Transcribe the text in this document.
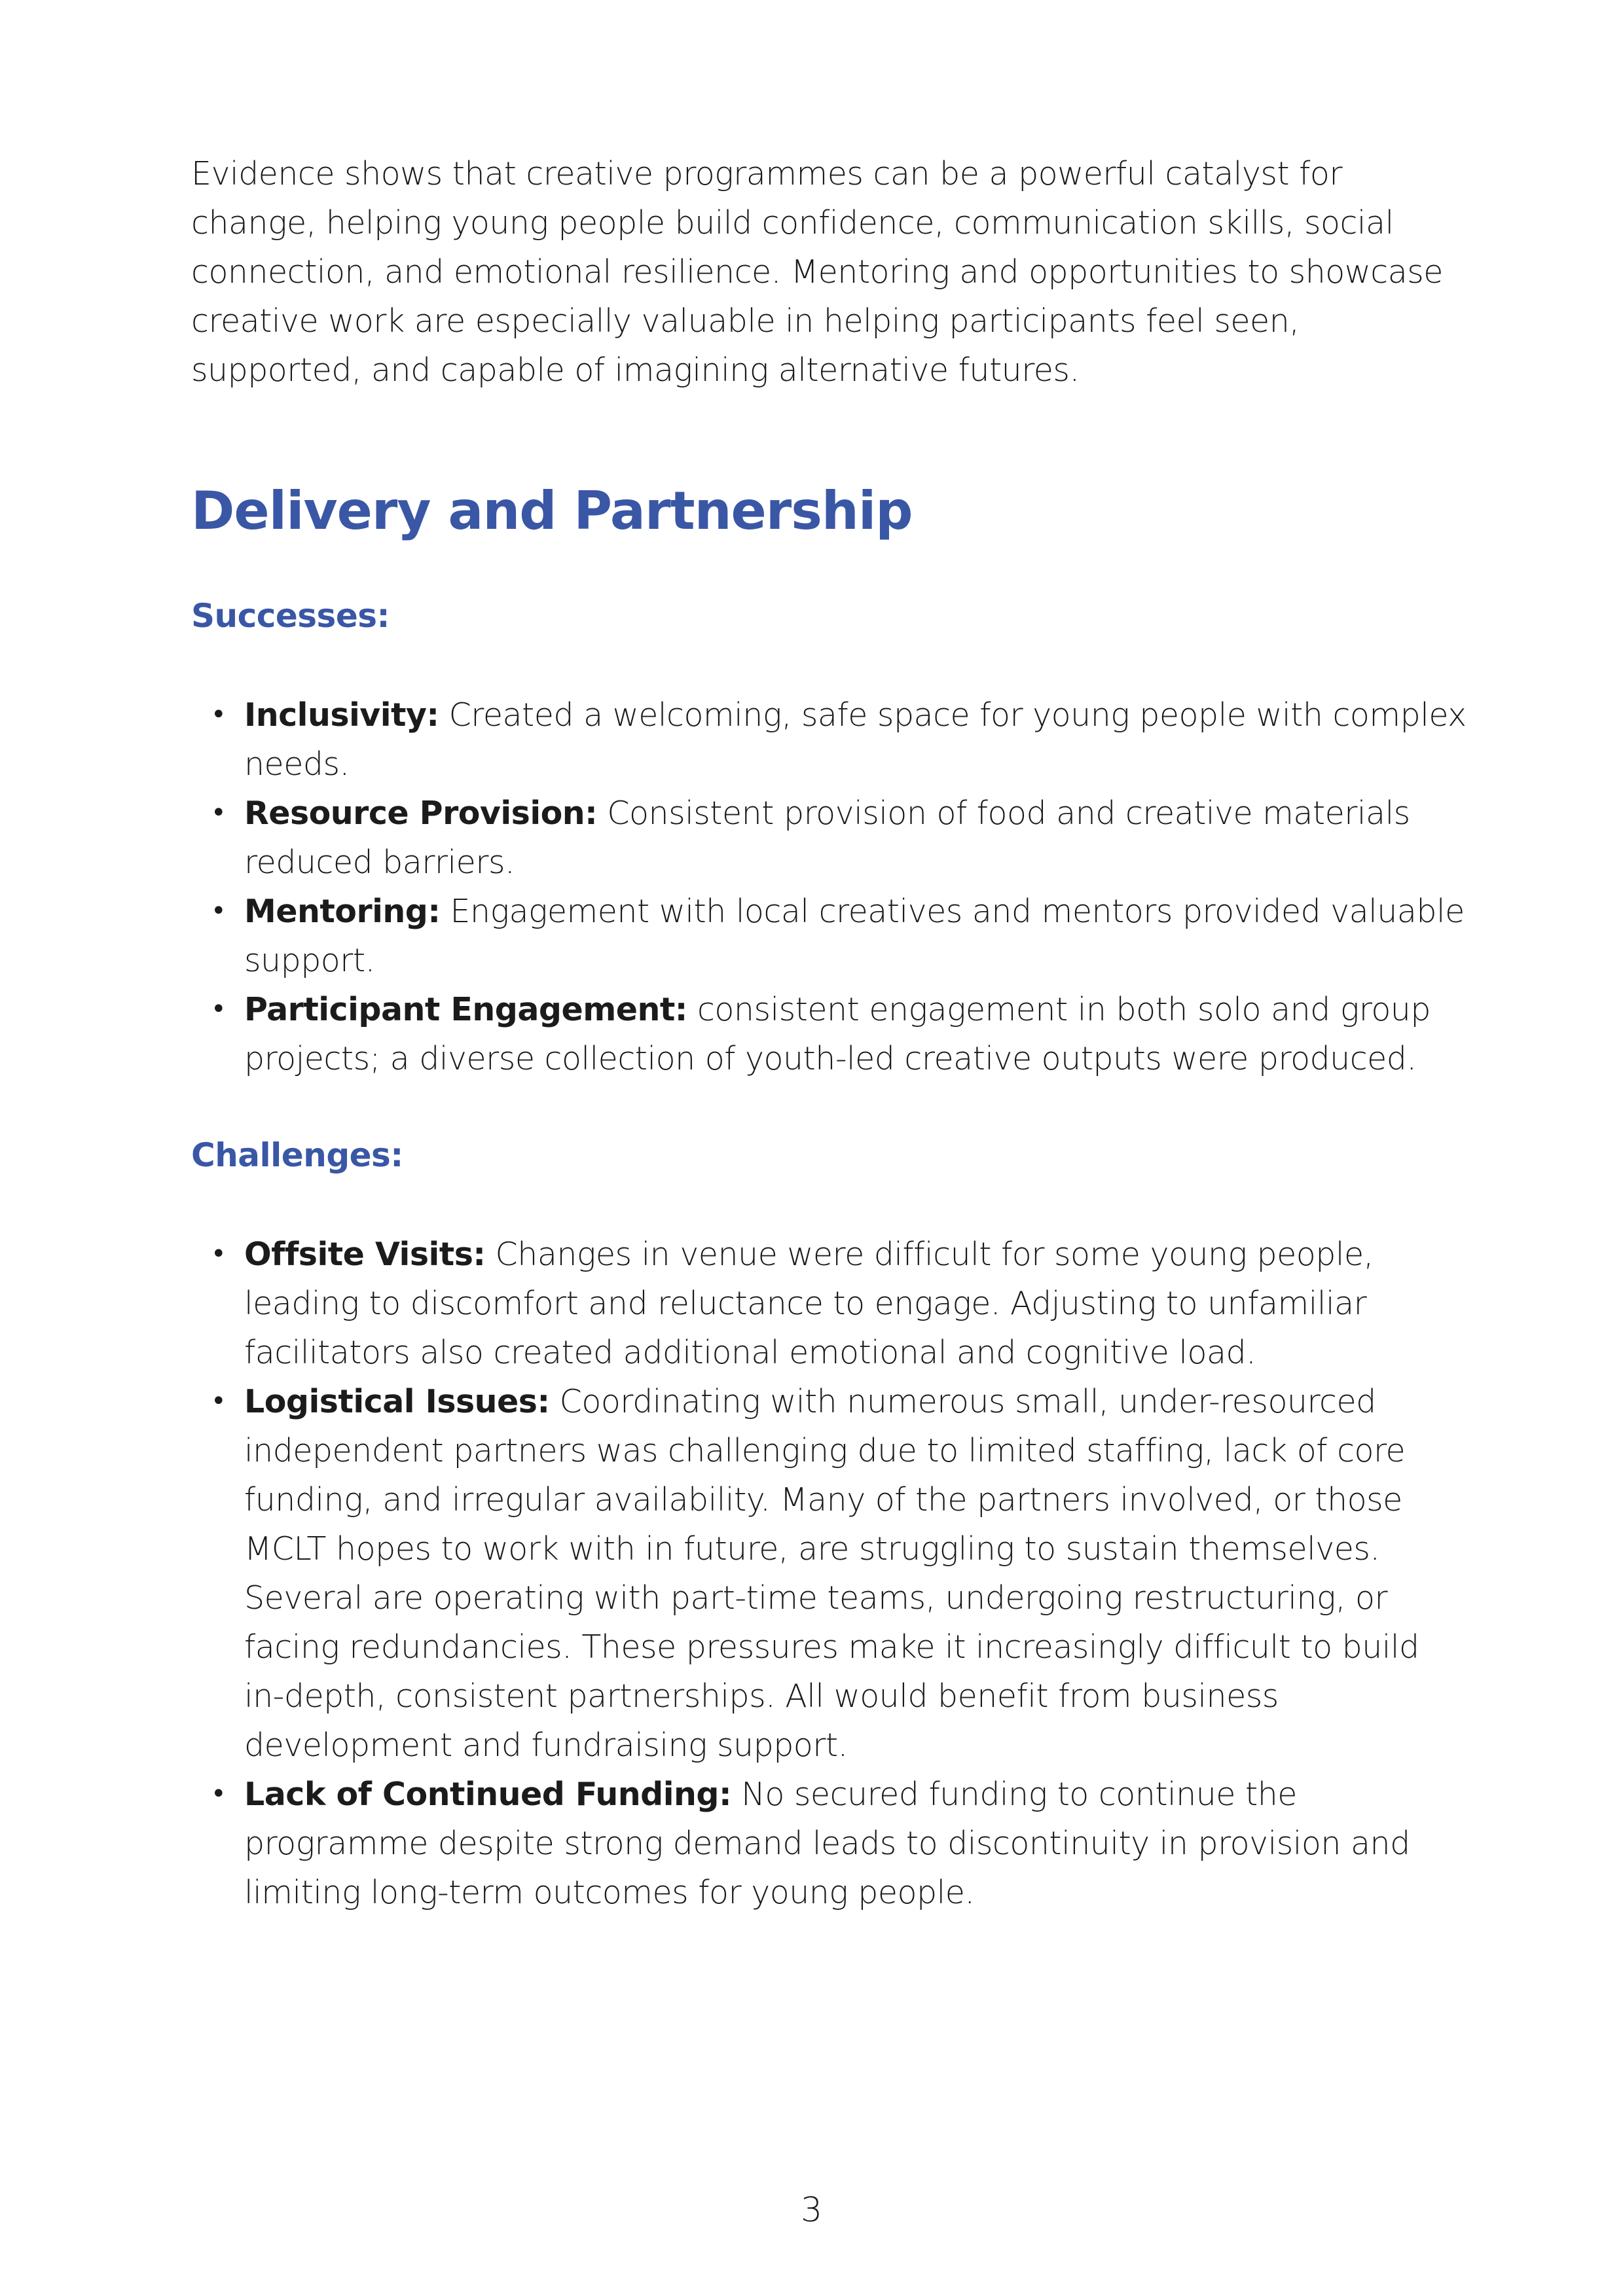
Evidence shows that creative programmes can be a powerful catalyst for change, helping young people build confidence, communication skills, social connection, and emotional resilience. Mentoring and opportunities to showcase creative work are especially valuable in helping participants feel seen, supported, and capable of imagining alternative futures.

Delivery and Partnership
Successes:
• Inclusivity: Created a welcoming, safe space for young people with complex needs.
• Resource Provision: Consistent provision of food and creative materials reduced barriers.
• Mentoring: Engagement with local creatives and mentors provided valuable support.
• Participant Engagement: consistent engagement in both solo and group projects; a diverse collection of youth-led creative outputs were produced.
Challenges:
• Offsite Visits: Changes in venue were difficult for some young people, leading to discomfort and reluctance to engage. Adjusting to unfamiliar facilitators also created additional emotional and cognitive load.
• Logistical Issues: Coordinating with numerous small, under-resourced independent partners was challenging due to limited staffing, lack of core funding, and irregular availability. Many of the partners involved, or those MCLT hopes to work with in future, are struggling to sustain themselves. Several are operating with part-time teams, undergoing restructuring, or facing redundancies. These pressures make it increasingly difficult to build in-depth, consistent partnerships. All would benefit from business development and fundraising support.
• Lack of Continued Funding: No secured funding to continue the programme despite strong demand leads to discontinuity in provision and limiting long-term outcomes for young people.
3
